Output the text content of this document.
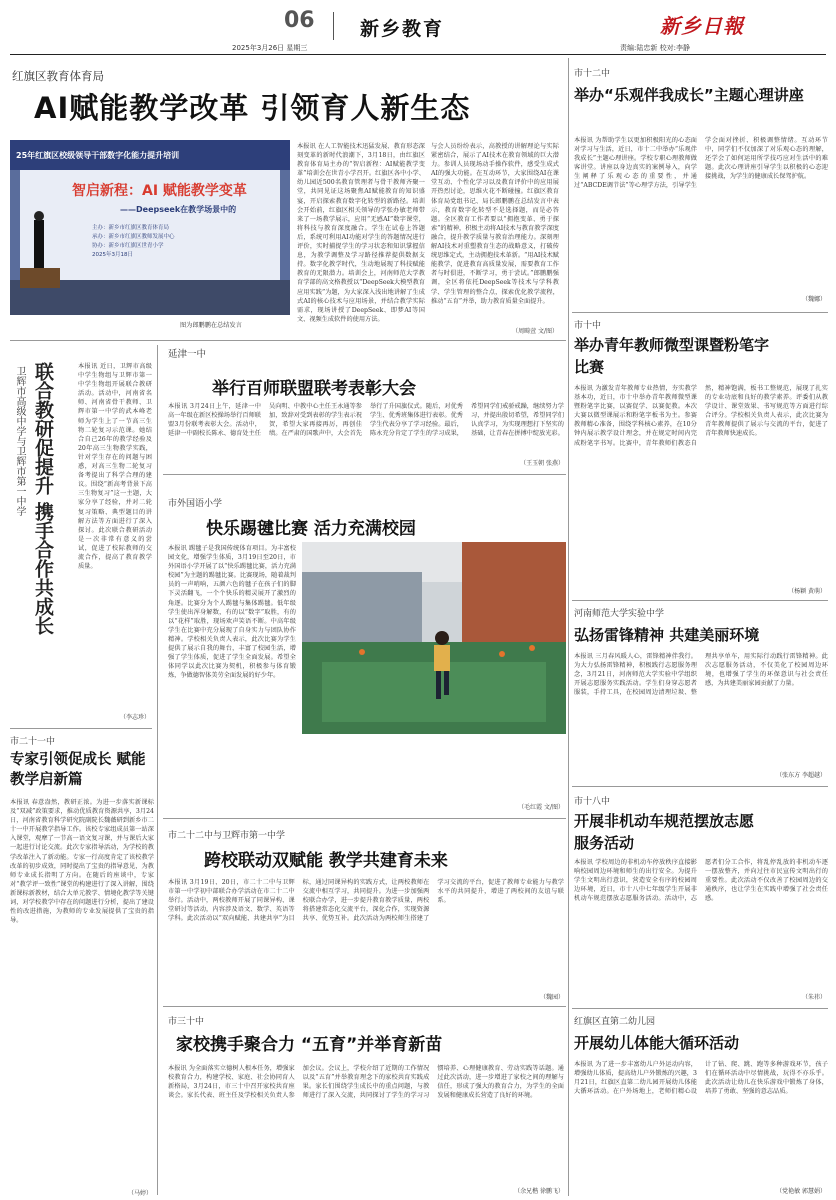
06
2025年3月26日 星期三
新乡教育	新乡日報
责编:陆忠新 校对:李静
红旗区教育体育局
AI赋能教学改革 引领育人新生态
25年红旗区校级领导干部数字化能力提升培训
智启新程：AI 赋能教学变革
——Deepseek在教学场景中的
主办：新乡市红旗区教育体育局
承办：新乡市红旗区教师发展中心
协办：新乡市红旗区世青小学
2025年3月18日
图为郎鹏鹏在总结发言
本报讯 在人工智能技术迅猛发展、教育形态深刻变革的新时代浪潮下，3月18日，由红旗区教育体育局主办的“智启新程：AI赋能教学变革”培训会在世青小学召开。红旗区各中小学、幼儿园近500名教育管理者与骨干教师齐聚一堂，共同见证这场聚焦AI赋能教育的知识盛宴，开启探索教育数字化转型的新路径。培训会开始前，红旗区相关领导的学张办敏老师带来了一场教学展示，应用“无感AI”数字课堂，将科技与教育深度融合。学生在试卷上答题后，系统可利用AI功能对学生的答题情况进行评价，实时捕捉学生的学习状态和知识掌握信息，为教学调整及学习路径推荐提供数据支持。数字化教学时代，生动地展现了科技赋能教育的无限潜力。培训会上，河南师范大学教育学部的高文格教授以“DeepSeek大模型教育应用实践”为题，为大家深入浅出地讲解了生成式AI的核心技术与应用场景，并结合教学实际需求，现场讲授了DeepSeek、即梦AI等国文、视频生成软件的使用方法。
与会人员纷纷表示，高教授的讲解理论与实际紧密结合，展示了AI技术在教育领域的巨大潜力。参训人员现场动手操作软件，感受生成式AI的强大功能。在互动环节，大家围绕AI在课堂互动、个性化学习以及教育评价中的应用展开热烈讨论，思维火花不断碰撞。红旗区教育体育局党组书记、局长郎鹏鹏在总结发言中表示，教育数字化转型不是选择题，而是必答题。全区教育工作者要以“拥抱变革、勇于探索”的精神，积极主动将AI技术与教育教学深度融合，提升教学质量与教育治理能力。深刻理解AI技术对重塑教育生态的战略意义，打破传统思维定式，主动拥抱技术革新。“用AI技术赋能教学，促进教育高质量发展，需要教育工作者与时俱进，不断学习，勇于尝试。”郎鹏鹏强调，全区将依托DeepSeek等技术与学科教学、学生管理的整合点，探索优化教学流程，推动“五育”并举，助力教育质量全面提升。
（周畸萱 文/图）
联合教研促提升 携手合作共成长
卫辉市高级中学与卫辉市第一中学	本报讯 近日，卫辉市高级中学生物组与卫辉市第一中学生物组开展联合教研活动。活动中，河南省名师、河南省骨干教师、卫辉市第一中学的武本峰老师为学生上了一节高三生物二轮复习示范课。她结合自己26年的教学经验及20年高三生物教学实践，针对学生存在的问题与困惑，对高三生物二轮复习备考提出了科学合理的建议。围绕“新高考背景下高三生物复习”这一主题，大家分享了经验，并对二轮复习策略、典型题目的讲解方法等方面进行了深入探讨。此次联合教研活动是一次非常有意义的尝试，促进了校际教师的交流合作，提高了教育教学质量。
（李志珍）
市二十一中
专家引领促成长 赋能教学启新篇
本报讯 春意盎然，教研正浓。为进一步落实新课标及“双减”政策要求，推动优质教育资源共享，3月24日，河南省教育科学研究院副院长魏薇研到新乡市二十一中开展教学指导工作。该校专家组成员第一站深入课堂，观摩了一节高一语文复习课，并与课后大家一起进行讨论交流。此次专家指导活动，为学校的教学改革注入了新动能。专家一行高度肯定了该校教学改革的初步成效，同时提出了宝贵的指导意见，为教师专业成长指明了方向。在随后的座谈中，专家对“教学评一致性”课堂的构建进行了深入讲解，围绕新课标新教材，结合大单元教学、情境化教学等关键词，对学校教学中存在的问题进行分析，提出了建设性的改进措施，为教师的专业发展提供了宝贵的指导。
（马婷）
延津一中
举行百师联盟联考表彰大会
本报讯 3月24日上午，延津一中高一年级在新区校操场举行百师联盟3月份联考表彰大会。活动中，延津一中副校长陈永、德育处主任吴向明、中教中心主任王永通等参加，致辞对受到表彰的学生表示祝贺，希望大家再接再厉，再创佳绩。在严肃的国歌声中，大会首先举行了升国旗仪式。随后，对优秀学生、优秀班集体进行表彰。优秀学生代表分享了学习经验。最后，陈永充分肯定了学生的学习成果，希望同学们戒骄戒躁，继续努力学习，并提出殷切希望，希望同学们认真学习，为实现理想打下坚实的基础，让青春在拼搏中绽放光彩。
（王玉朝 张燕）
市外国语小学
快乐踢毽比赛 活力充满校园
本报讯 踢毽子是我国传统体育项目。为丰富校园文化，增强学生体质，3月19日至20日，市外国语小学开展了以“快乐踢毽比赛，活力充满校园”为主题的踢毽比赛。比赛现场，随着裁判员的一声哨响，五颜六色的毽子在孩子们的脚下灵活翻飞，一个个快乐的精灵展开了激烈的角逐。比赛分为个人踢毽与集体踢毽。低年级学生使出浑身解数，有的以“数字”取胜，有的以“花样”取胜，现场欢声笑语不断。中高年级学生在比赛中充分展现了自身实力与团队协作精神。学校相关负责人表示，此次比赛为学生提供了展示自我的舞台，丰富了校园生活，增强了学生体质，促进了学生全面发展。希望全体同学以此次比赛为契机，积极参与体育锻炼，争做德智体美劳全面发展的好少年。
（毛红霞 文/图）
市二十二中与卫辉市第一中学
跨校联动双赋能 教学共建育未来
本报讯 3月19日、20日，市二十二中与卫辉市第一中学初中部联合办学活动在市二十二中举行。活动中，两校教师开展了同课异构、课堂研讨等活动，内容涉及语文、数学、英语等学科。此次活动以“双向赋能、共建共享”为目标，通过同课异构的实践方式，让两校教师在交流中相互学习，共同提升。为进一步加强两校联合办学，进一步提升教育教学质量，两校将搭建常态化交流平台，深化合作，实现资源共享、优势互补。此次活动为两校师生搭建了学习交流的平台，促进了教师专业能力与教学水平的共同提升，增进了两校间的友谊与联系。
（魏园）
市三十中
家校携手聚合力 “五育”并举育新苗
本报讯 为全面落实立德树人根本任务，增强家校教育合力，构建学校、家庭、社会协同育人新格局，3月24日，市三十中召开家校共育座谈会。家长代表、班主任及学校相关负责人参加会议。会议上，学校介绍了近期的工作情况以及“五育”并举教育理念下的家校共育实践成果。家长们围绕学生成长中的重点问题，与教师进行了深入交流，共同探讨了学生的学习习惯培养、心理健康教育、劳动实践等话题。通过此次活动，进一步增进了家校之间的理解与信任，形成了强大的教育合力，为学生的全面发展和健康成长营造了良好的环境。
（余兄楷 徐鹏飞）
市十二中
举办“乐观伴我成长”主题心理讲座
本报讯 为帮助学生以更加积极阳光的心态面对学习与生活，近日，市十二中举办“乐观伴我成长”主题心理讲座。学校专职心理教师做客讲堂。讲座以身边真实的案例导入，向学生阐释了乐观心态的重要性，并通过“ABCDE调节法”等心理学方法，引导学生学会面对挫折、积极调整情绪。互动环节中，同学们不仅加深了对乐观心态的理解，还学会了如何运用所学技巧应对生活中的难题。此次心理讲座引导学生以积极的心态迎接挑战，为学生的健康成长保驾护航。
（魏娜）
市十中
举办青年教师微型课暨粉笔字比赛
本报讯 为激发青年教师专业热情，夯实教学基本功，近日，市十中举办青年教师微型课暨粉笔字比赛，以赛促学、以赛促教。本次大赛以微型课展示和粉笔字板书为主。参赛教师精心准备，围绕学科核心素养，在10分钟内展示教学设计理念，并在规定时间内完成粉笔字书写。比赛中，青年教师们教态自然，精神饱满，板书工整规范，展现了扎实的专业功底和良好的教学素养。评委们从教学设计、课堂效果、书写规范等方面进行综合评分。学校相关负责人表示，此次比赛为青年教师提供了展示与交流的平台，促进了青年教师快速成长。
（杨颖 黄萌）
河南师范大学实验中学
弘扬雷锋精神 共建美丽环境
本报讯 三月春风暖人心，雷锋精神伴我行。为大力弘扬雷锋精神，积极践行志愿服务理念，3月21日，河南师范大学实验中学组织开展志愿服务实践活动。学生们身穿志愿者服装，手持工具，在校园周边清理垃圾、整理共享单车，用实际行动践行雷锋精神。此次志愿服务活动，不仅美化了校园周边环境，也增强了学生的环保意识与社会责任感，为共建美丽家园贡献了力量。
（张东方 李超越）
市十八中
开展非机动车规范摆放志愿服务活动
本报讯 学校周边的非机动车停放秩序直接影响校园周边环境和师生的出行安全。为提升学生文明出行意识，营造安全有序的校园周边环境，近日，市十八中七年级学生开展非机动车规范摆放志愿服务活动。活动中，志愿者们分工合作，将乱停乱放的非机动车逐一摆放整齐，并向过往市民宣传文明出行的重要性。此次活动不仅改善了校园周边的交通秩序，也让学生在实践中增强了社会责任感。
（朱祎）
红旗区直第二幼儿园
开展幼儿体能大循环活动
本报讯 为了进一步丰富幼儿户外运动内容，增强幼儿体质，提高幼儿户外锻炼的兴趣，3月21日，红旗区直第二幼儿园开展幼儿体能大循环活动。在户外场地上，老师们精心设计了钻、爬、跳、跑等多种游戏环节，孩子们在循环活动中尽情挑战，玩得不亦乐乎。此次活动让幼儿在快乐游戏中锻炼了身体，培养了勇敢、坚强的意志品质。
（党艳敏 郭慧娟）
